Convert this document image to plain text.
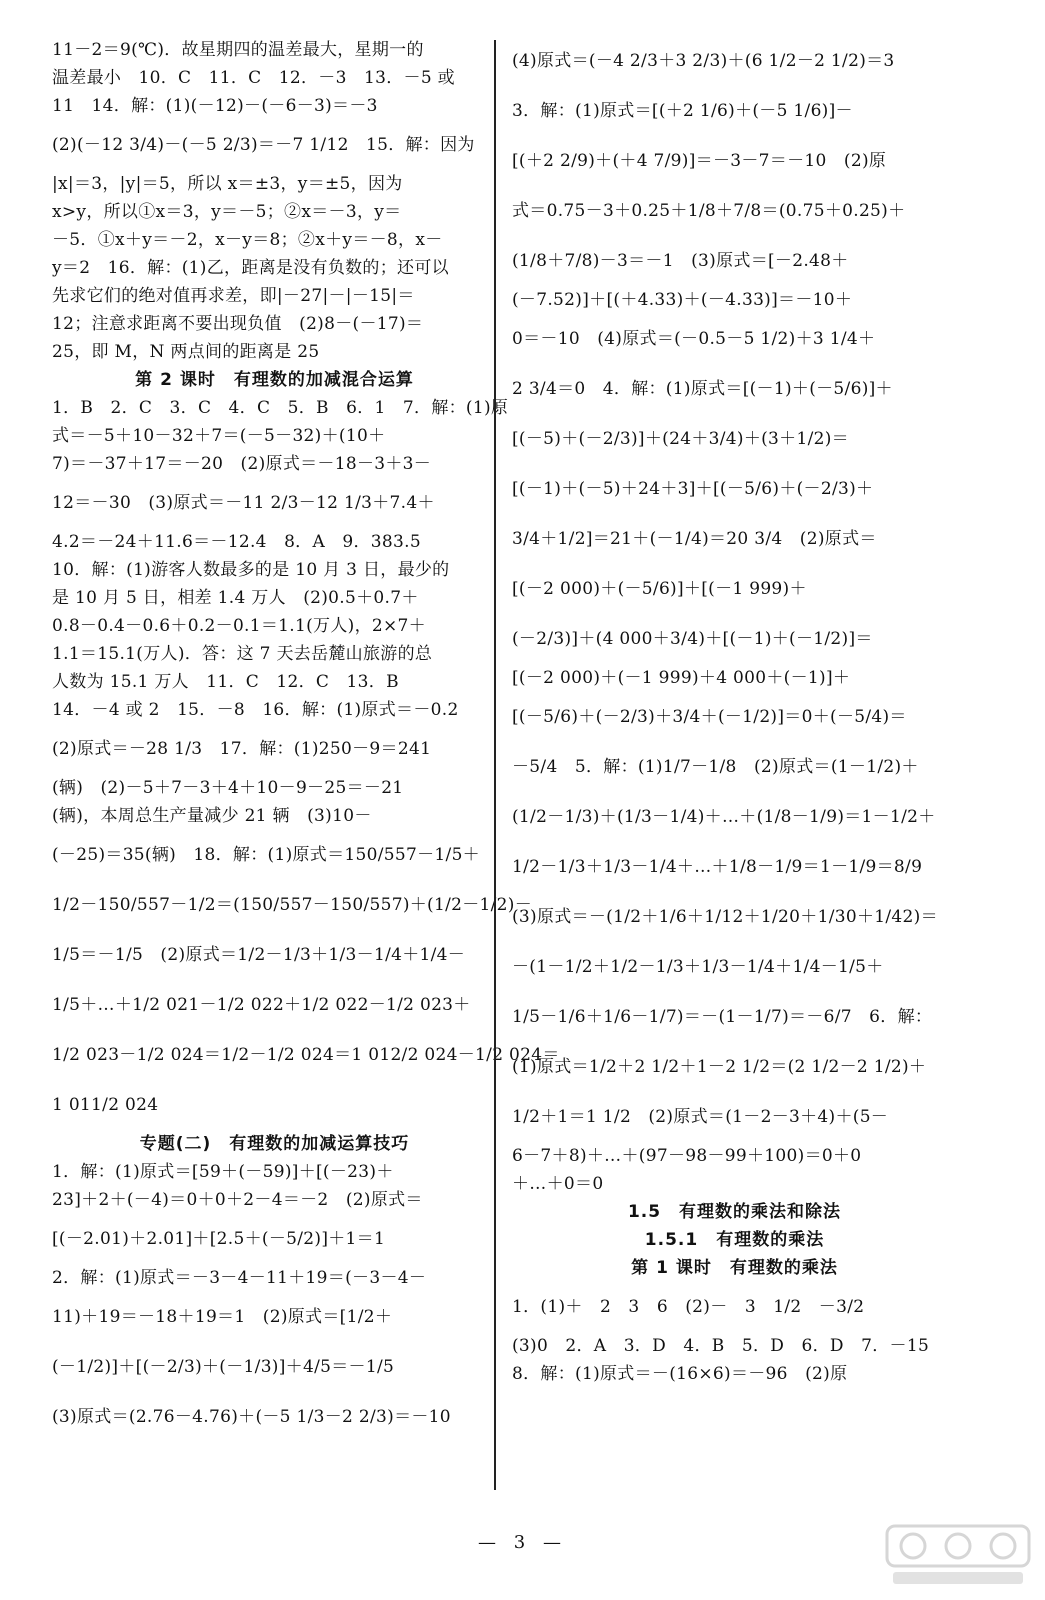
11－2＝9(℃)．故星期四的温差最大，星期一的
温差最小　10．C　11．C　12．－3　13．－5 或
11　14．解：(1)(－12)－(－6－3)＝－3
(2)(－12 3/4)－(－5 2/3)＝－7 1/12　15．解：因为
|x|＝3，|y|＝5，所以 x＝±3，y＝±5，因为
x>y，所以①x＝3，y＝－5；②x＝－3，y＝
－5．①x＋y＝－2，x－y＝8；②x＋y＝－8，x－
y＝2　16．解：(1)乙，距离是没有负数的；还可以
先求它们的绝对值再求差，即|－27|－|－15|＝
12；注意求距离不要出现负值　(2)8－(－17)＝
25，即 M，N 两点间的距离是 25
第 2 课时　有理数的加减混合运算
1．B　2．C　3．C　4．C　5．B　6．1　7．解：(1)原
式＝－5＋10－32＋7＝(－5－32)＋(10＋
7)＝－37＋17＝－20　(2)原式＝－18－3＋3－
12＝－30　(3)原式＝－11 2/3－12 1/3＋7.4＋
4.2＝－24＋11.6＝－12.4　8．A　9．383.5
10．解：(1)游客人数最多的是 10 月 3 日，最少的
是 10 月 5 日，相差 1.4 万人　(2)0.5＋0.7＋
0.8－0.4－0.6＋0.2－0.1＝1.1(万人)，2×7＋
1.1＝15.1(万人)．答：这 7 天去岳麓山旅游的总
人数为 15.1 万人　11．C　12．C　13．B
14．－4 或 2　15．－8　16．解：(1)原式＝－0.2
(2)原式＝－28 1/3　17．解：(1)250－9＝241
(辆)　(2)－5＋7－3＋4＋10－9－25＝－21
(辆)，本周总生产量减少 21 辆　(3)10－
(－25)＝35(辆)　18．解：(1)原式＝150/557－1/5＋
1/2－150/557－1/2＝(150/557－150/557)＋(1/2－1/2)－
1/5＝－1/5　(2)原式＝1/2－1/3＋1/3－1/4＋1/4－
1/5＋…＋1/2 021－1/2 022＋1/2 022－1/2 023＋
1/2 023－1/2 024＝1/2－1/2 024＝1 012/2 024－1/2 024＝
1 011/2 024
专题(二)　有理数的加减运算技巧
1．解：(1)原式＝[59＋(－59)]＋[(－23)＋
23]＋2＋(－4)＝0＋0＋2－4＝－2　(2)原式＝
[(－2.01)＋2.01]＋[2.5＋(－5/2)]＋1＝1
2．解：(1)原式＝－3－4－11＋19＝(－3－4－
11)＋19＝－18＋19＝1　(2)原式＝[1/2＋
(－1/2)]＋[(－2/3)＋(－1/3)]＋4/5＝－1/5
(3)原式＝(2.76－4.76)＋(－5 1/3－2 2/3)＝－10
(4)原式＝(－4 2/3＋3 2/3)＋(6 1/2－2 1/2)＝3
3．解：(1)原式＝[(＋2 1/6)＋(－5 1/6)]－
[(＋2 2/9)＋(＋4 7/9)]＝－3－7＝－10　(2)原
式＝0.75－3＋0.25＋1/8＋7/8＝(0.75＋0.25)＋
(1/8＋7/8)－3＝－1　(3)原式＝[－2.48＋
(－7.52)]＋[(＋4.33)＋(－4.33)]＝－10＋
0＝－10　(4)原式＝(－0.5－5 1/2)＋3 1/4＋
2 3/4＝0　4．解：(1)原式＝[(－1)＋(－5/6)]＋
[(－5)＋(－2/3)]＋(24＋3/4)＋(3＋1/2)＝
[(－1)＋(－5)＋24＋3]＋[(－5/6)＋(－2/3)＋
3/4＋1/2]＝21＋(－1/4)＝20 3/4　(2)原式＝
[(－2 000)＋(－5/6)]＋[(－1 999)＋
(－2/3)]＋(4 000＋3/4)＋[(－1)＋(－1/2)]＝
[(－2 000)＋(－1 999)＋4 000＋(－1)]＋
[(－5/6)＋(－2/3)＋3/4＋(－1/2)]＝0＋(－5/4)＝
－5/4　5．解：(1)1/7－1/8　(2)原式＝(1－1/2)＋
(1/2－1/3)＋(1/3－1/4)＋…＋(1/8－1/9)＝1－1/2＋
1/2－1/3＋1/3－1/4＋…＋1/8－1/9＝1－1/9＝8/9
(3)原式＝－(1/2＋1/6＋1/12＋1/20＋1/30＋1/42)＝
－(1－1/2＋1/2－1/3＋1/3－1/4＋1/4－1/5＋
1/5－1/6＋1/6－1/7)＝－(1－1/7)＝－6/7　6．解：
(1)原式＝1/2＋2 1/2＋1－2 1/2＝(2 1/2－2 1/2)＋
1/2＋1＝1 1/2　(2)原式＝(1－2－3＋4)＋(5－
6－7＋8)＋…＋(97－98－99＋100)＝0＋0
＋…＋0＝0
1.5　有理数的乘法和除法
1.5.1　有理数的乘法
第 1 课时　有理数的乘法
1．(1)＋　2　3　6　(2)－　3　1/2　－3/2
(3)0　2．A　3．D　4．B　5．D　6．D　7．－15
8．解：(1)原式＝－(16×6)＝－96　(2)原
— 3 —
